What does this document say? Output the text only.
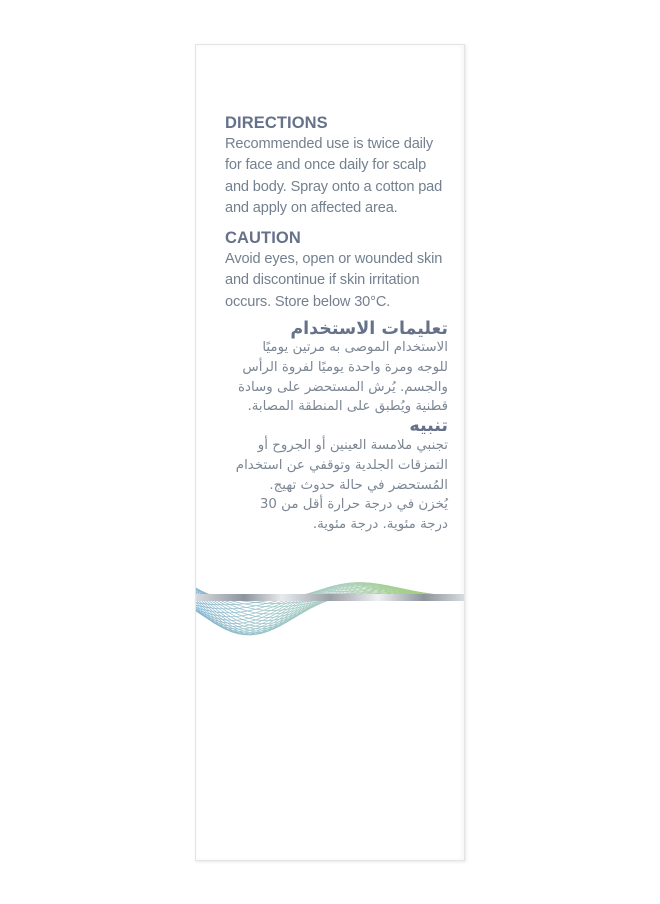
DIRECTIONS
Recommended use is twice daily
for face and once daily for scalp
and body. Spray onto a cotton pad
and apply on affected area.
CAUTION
Avoid eyes, open or wounded skin
and discontinue if skin irritation
occurs. Store below 30°C.
تعليمات الاستخدام
الاستخدام الموصى به مرتين يوميًا
للوجه ومرة واحدة يوميًا لفروة الرأس
والجسم. يُرش المستحضر على وسادة
قطنية ويُطبق على المنطقة المصابة.
تنبيه
تجنبي ملامسة العينين أو الجروح أو
التمزقات الجلدية وتوقفي عن استخدام
المُستحضر في حالة حدوث تهيج.
يُخزن في درجة حرارة أقل من 30
درجة مئوية. درجة مئوية.
